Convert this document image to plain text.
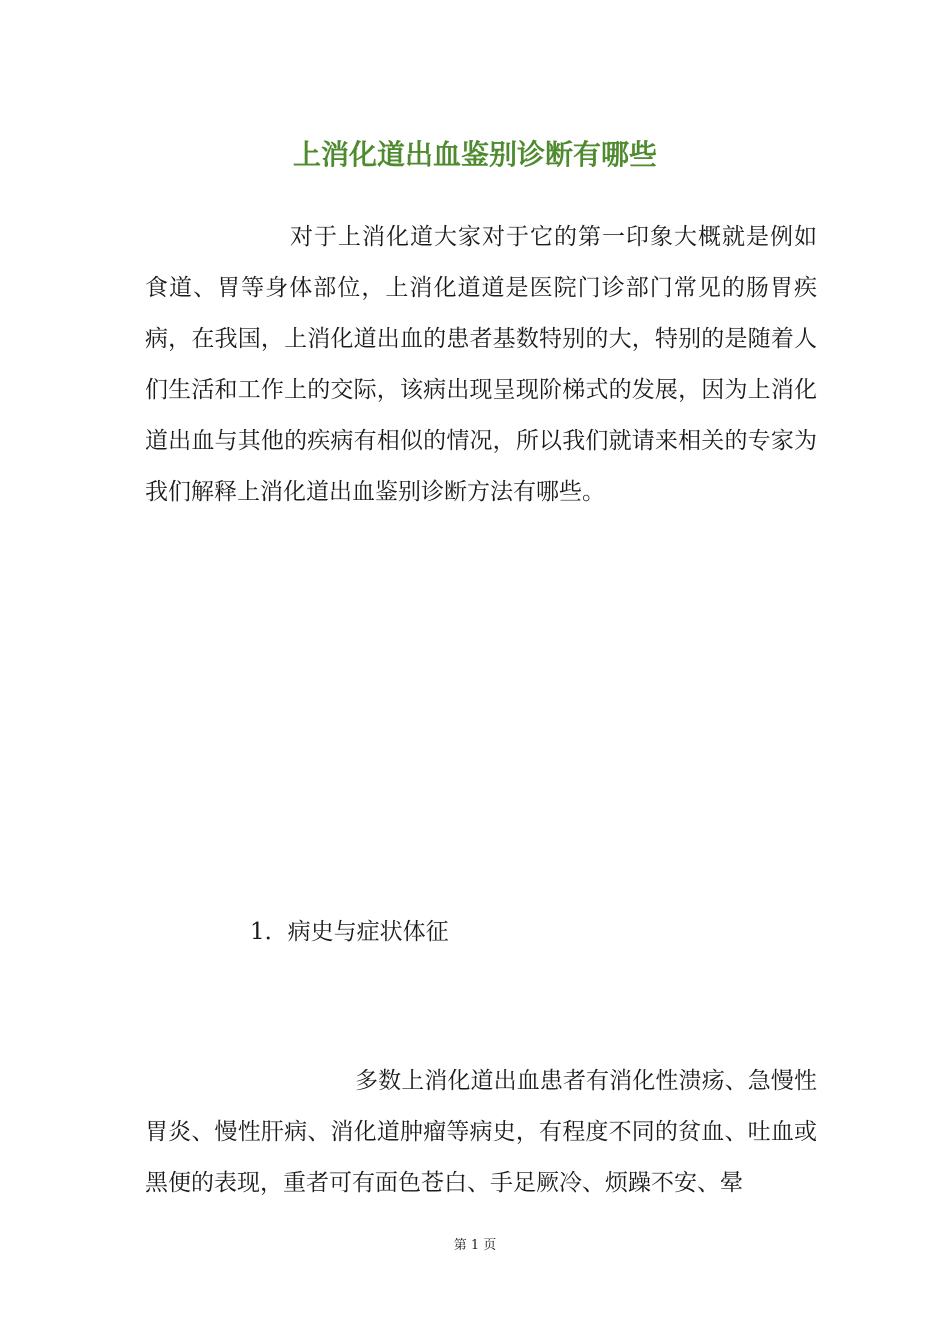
上消化道出血鉴别诊断有哪些

对于上消化道大家对于它的第一印象大概就是例如食道、胃等身体部位，上消化道道是医院门诊部门常见的肠胃疾病，在我国，上消化道出血的患者基数特别的大，特别的是随着人们生活和工作上的交际，该病出现呈现阶梯式的发展，因为上消化道出血与其他的疾病有相似的情况，所以我们就请来相关的专家为我们解释上消化道出血鉴别诊断方法有哪些。

1．病史与症状体征

多数上消化道出血患者有消化性溃疡、急慢性胃炎、慢性肝病、消化道肿瘤等病史，有程度不同的贫血、吐血或黑便的表现，重者可有面色苍白、手足厥冷、烦躁不安、晕

第 1 页
